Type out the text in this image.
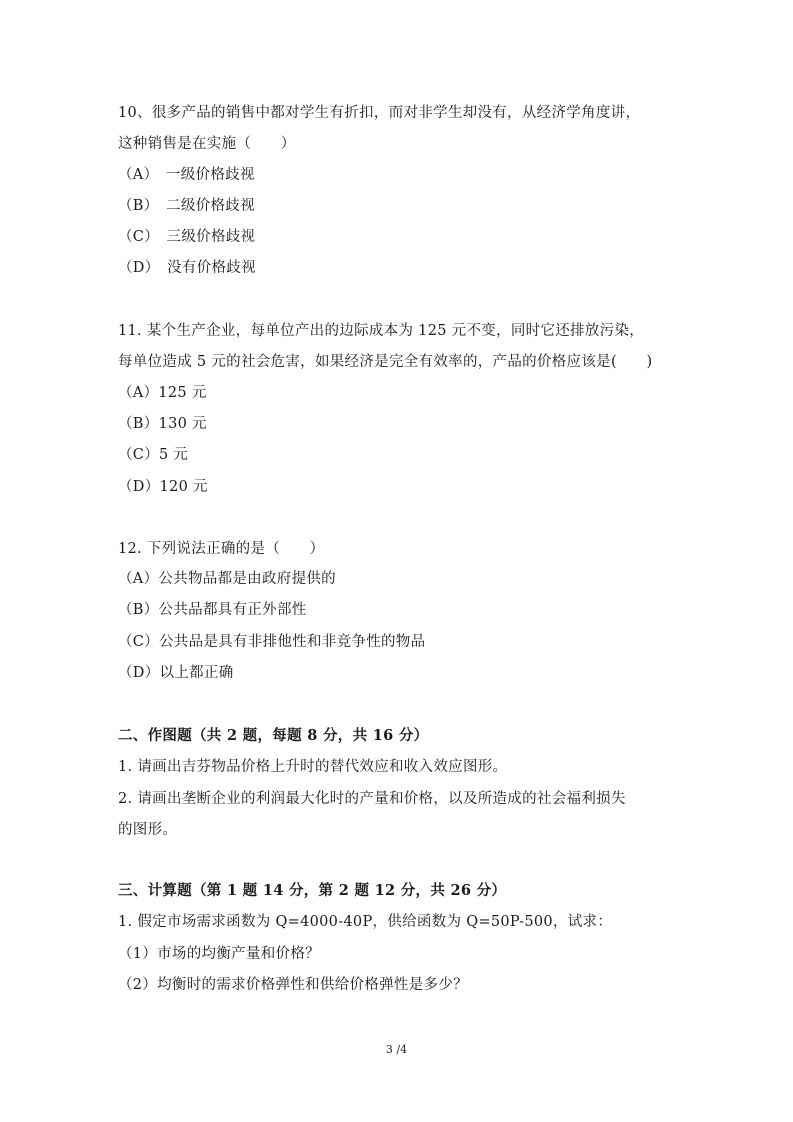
10、很多产品的销售中都对学生有折扣，而对非学生却没有，从经济学角度讲，
这种销售是在实施（　　）
（A）　一级价格歧视
（B）　二级价格歧视
（C）　三级价格歧视
（D）　没有价格歧视
11. 某个生产企业，每单位产出的边际成本为 125 元不变，同时它还排放污染，
每单位造成 5 元的社会危害，如果经济是完全有效率的，产品的价格应该是(　　)
（A）125 元
（B）130 元
（C）5 元
（D）120 元
12. 下列说法正确的是（　　）
（A）公共物品都是由政府提供的
（B）公共品都具有正外部性
（C）公共品是具有非排他性和非竞争性的物品
（D）以上都正确
二、作图题（共 2 题，每题 8 分，共 16 分）
1. 请画出吉芬物品价格上升时的替代效应和收入效应图形。
2. 请画出垄断企业的利润最大化时的产量和价格，以及所造成的社会福利损失
的图形。
三、计算题（第 1 题 14 分，第 2 题 12 分，共 26 分）
1. 假定市场需求函数为 Q=4000-40P，供给函数为 Q=50P-500，试求：
（1）市场的均衡产量和价格？
（2）均衡时的需求价格弹性和供给价格弹性是多少？
3 /4
